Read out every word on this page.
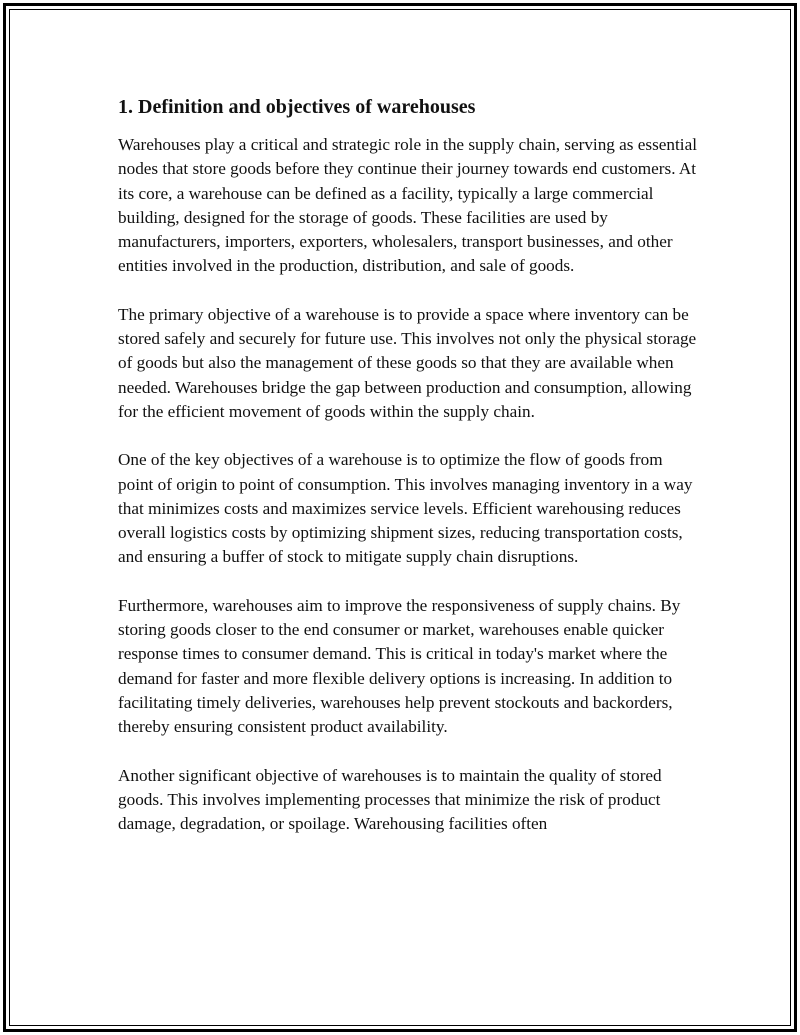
1. Definition and objectives of warehouses

Warehouses play a critical and strategic role in the supply chain, serving as essential nodes that store goods before they continue their journey towards end customers. At its core, a warehouse can be defined as a facility, typically a large commercial building, designed for the storage of goods. These facilities are used by manufacturers, importers, exporters, wholesalers, transport businesses, and other entities involved in the production, distribution, and sale of goods.

The primary objective of a warehouse is to provide a space where inventory can be stored safely and securely for future use. This involves not only the physical storage of goods but also the management of these goods so that they are available when needed. Warehouses bridge the gap between production and consumption, allowing for the efficient movement of goods within the supply chain.

One of the key objectives of a warehouse is to optimize the flow of goods from point of origin to point of consumption. This involves managing inventory in a way that minimizes costs and maximizes service levels. Efficient warehousing reduces overall logistics costs by optimizing shipment sizes, reducing transportation costs, and ensuring a buffer of stock to mitigate supply chain disruptions.

Furthermore, warehouses aim to improve the responsiveness of supply chains. By storing goods closer to the end consumer or market, warehouses enable quicker response times to consumer demand. This is critical in today's market where the demand for faster and more flexible delivery options is increasing. In addition to facilitating timely deliveries, warehouses help prevent stockouts and backorders, thereby ensuring consistent product availability.

Another significant objective of warehouses is to maintain the quality of stored goods. This involves implementing processes that minimize the risk of product damage, degradation, or spoilage. Warehousing facilities often
